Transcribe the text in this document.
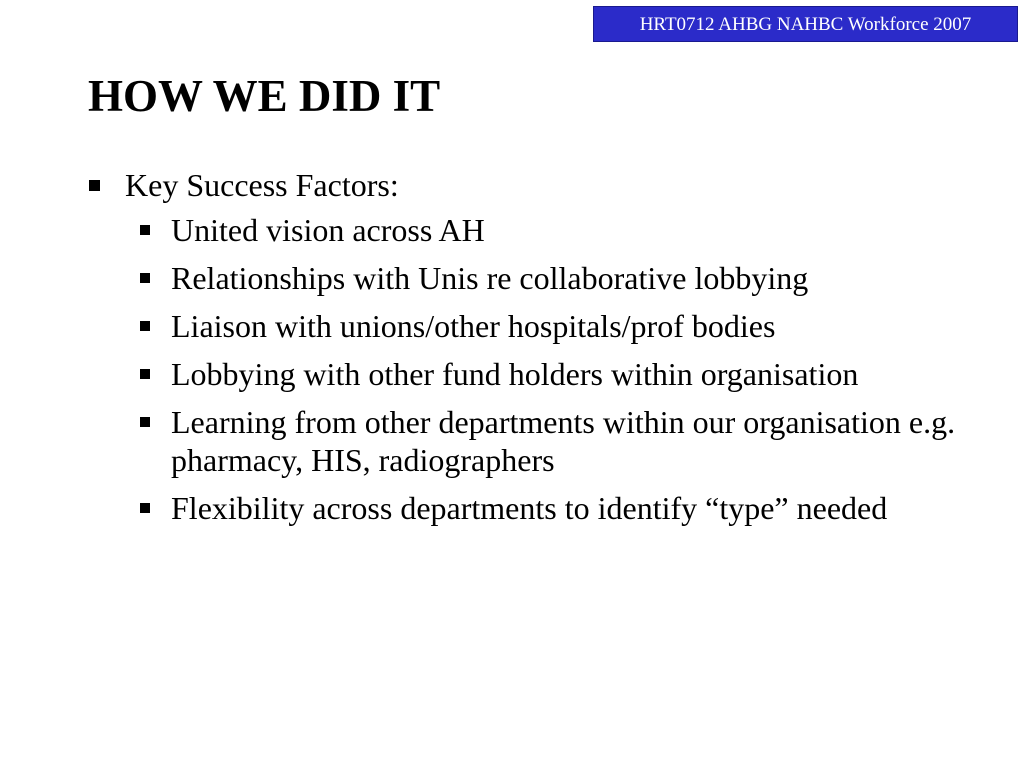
HRT0712 AHBG NAHBC Workforce 2007
HOW WE DID IT
Key Success Factors:
United vision across AH
Relationships with Unis re collaborative lobbying
Liaison with unions/other hospitals/prof bodies
Lobbying with other fund holders within organisation
Learning from other departments within our organisation e.g. pharmacy, HIS, radiographers
Flexibility across departments to identify “type” needed
